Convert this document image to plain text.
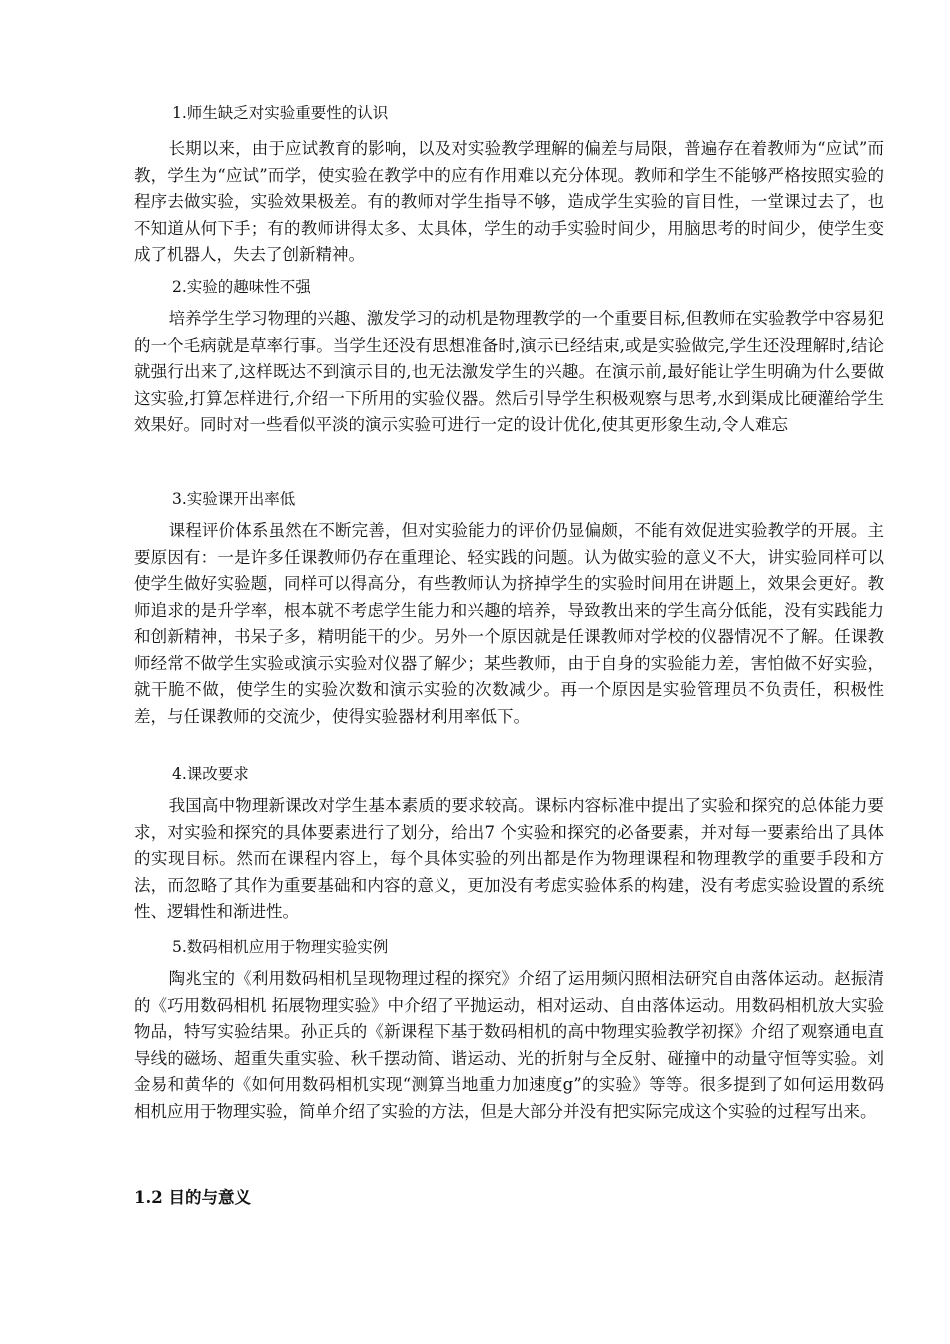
1.师生缺乏对实验重要性的认识

长期以来，由于应试教育的影响，以及对实验教学理解的偏差与局限，普遍存在着教师为“应试”而教，学生为“应试”而学，使实验在教学中的应有作用难以充分体现。教师和学生不能够严格按照实验的程序去做实验，实验效果极差。有的教师对学生指导不够，造成学生实验的盲目性，一堂课过去了，也不知道从何下手；有的教师讲得太多、太具体，学生的动手实验时间少，用脑思考的时间少，使学生变成了机器人，失去了创新精神。

2.实验的趣味性不强

培养学生学习物理的兴趣、激发学习的动机是物理教学的一个重要目标,但教师在实验教学中容易犯的一个毛病就是草率行事。当学生还没有思想准备时,演示已经结束,或是实验做完,学生还没理解时,结论就强行出来了,这样既达不到演示目的,也无法激发学生的兴趣。在演示前,最好能让学生明确为什么要做这实验,打算怎样进行,介绍一下所用的实验仪器。然后引导学生积极观察与思考,水到渠成比硬灌给学生效果好。同时对一些看似平淡的演示实验可进行一定的设计优化,使其更形象生动,令人难忘

3.实验课开出率低

课程评价体系虽然在不断完善，但对实验能力的评价仍显偏颇，不能有效促进实验教学的开展。主要原因有：一是许多任课教师仍存在重理论、轻实践的问题。认为做实验的意义不大，讲实验同样可以使学生做好实验题，同样可以得高分，有些教师认为挤掉学生的实验时间用在讲题上，效果会更好。教师追求的是升学率，根本就不考虑学生能力和兴趣的培养，导致教出来的学生高分低能，没有实践能力和创新精神，书呆子多，精明能干的少。另外一个原因就是任课教师对学校的仪器情况不了解。任课教师经常不做学生实验或演示实验对仪器了解少；某些教师，由于自身的实验能力差，害怕做不好实验，就干脆不做，使学生的实验次数和演示实验的次数减少。再一个原因是实验管理员不负责任，积极性差，与任课教师的交流少，使得实验器材利用率低下。

4.课改要求

我国高中物理新课改对学生基本素质的要求较高。课标内容标准中提出了实验和探究的总体能力要求，对实验和探究的具体要素进行了划分，给出7 个实验和探究的必备要素，并对每一要素给出了具体的实现目标。然而在课程内容上，每个具体实验的列出都是作为物理课程和物理教学的重要手段和方法，而忽略了其作为重要基础和内容的意义，更加没有考虑实验体系的构建，没有考虑实验设置的系统性、逻辑性和渐进性。

5.数码相机应用于物理实验实例

陶兆宝的《利用数码相机呈现物理过程的探究》介绍了运用频闪照相法研究自由落体运动。赵振清的《巧用数码相机 拓展物理实验》中介绍了平抛运动，相对运动、自由落体运动。用数码相机放大实验物品，特写实验结果。孙正兵的《新课程下基于数码相机的高中物理实验教学初探》介绍了观察通电直导线的磁场、超重失重实验、秋千摆动简、谐运动、光的折射与全反射、碰撞中的动量守恒等实验。刘金易和黄华的《如何用数码相机实现“测算当地重力加速度g”的实验》等等。很多提到了如何运用数码相机应用于物理实验，简单介绍了实验的方法，但是大部分并没有把实际完成这个实验的过程写出来。

1.2 目的与意义
